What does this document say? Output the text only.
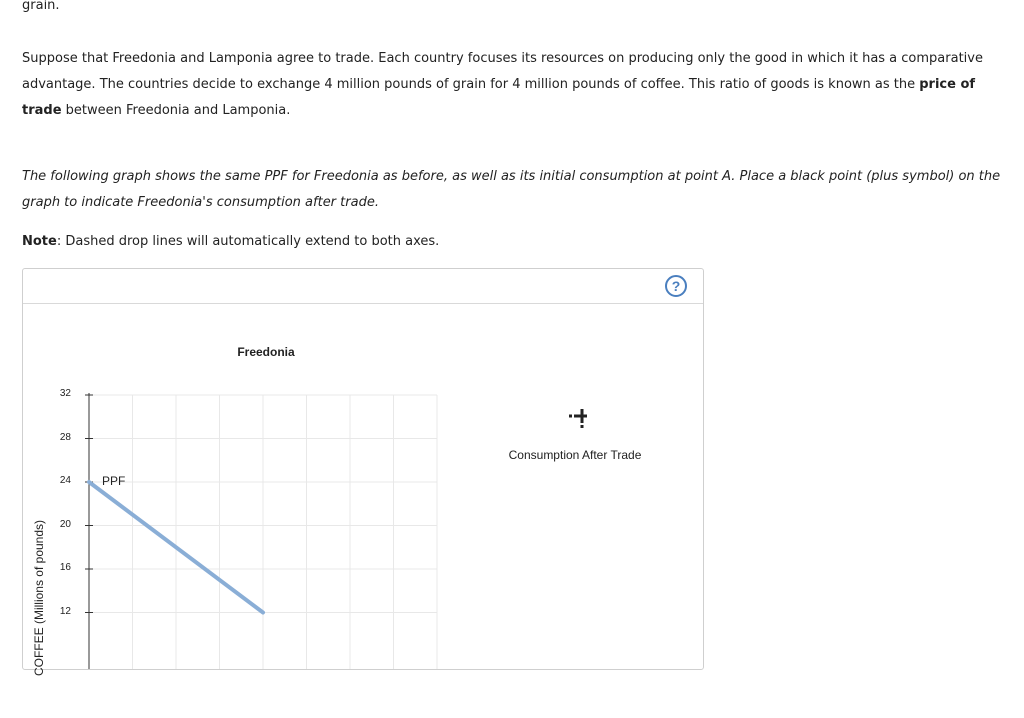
grain.

Suppose that Freedonia and Lamponia agree to trade. Each country focuses its resources on producing only the good in which it has a comparative advantage. The countries decide to exchange 4 million pounds of grain for 4 million pounds of coffee. This ratio of goods is known as the price of trade between Freedonia and Lamponia.

The following graph shows the same PPF for Freedonia as before, as well as its initial consumption at point A. Place a black point (plus symbol) on the graph to indicate Freedonia's consumption after trade.

Note: Dashed drop lines will automatically extend to both axes.

?
Freedonia
COFFEE (Millions of pounds)
32
28
24
20
16
12
PPF
Consumption After Trade
